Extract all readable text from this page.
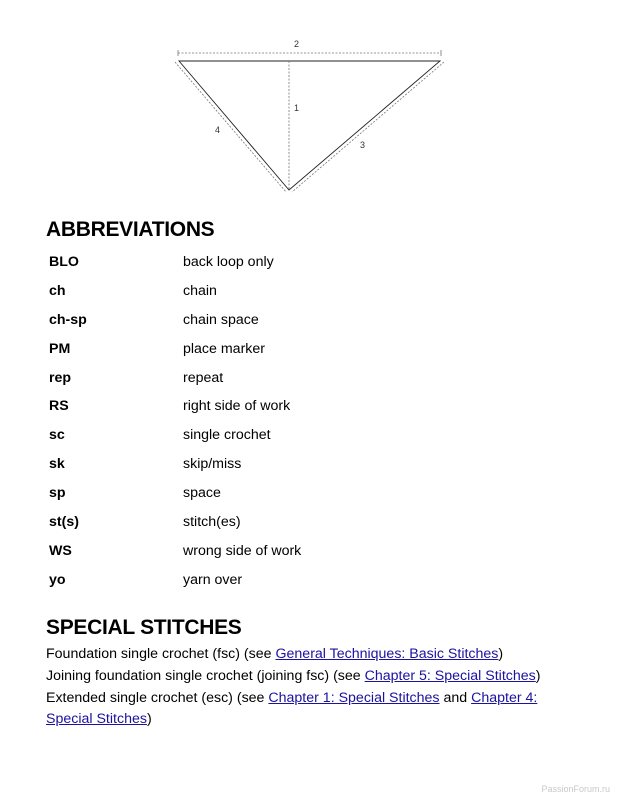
2
1
3
4
ABBREVIATIONS
BLO	back loop only
ch	chain
ch-sp	chain space
PM	place marker
rep	repeat
RS	right side of work
sc	single crochet
sk	skip/miss
sp	space
st(s)	stitch(es)
WS	wrong side of work
yo	yarn over
SPECIAL STITCHES

Foundation single crochet (fsc) (see General Techniques: Basic Stitches)

Joining foundation single crochet (joining fsc) (see Chapter 5: Special Stitches)

Extended single crochet (esc) (see Chapter 1: Special Stitches and Chapter 4: Special Stitches)

PassionForum.ru
